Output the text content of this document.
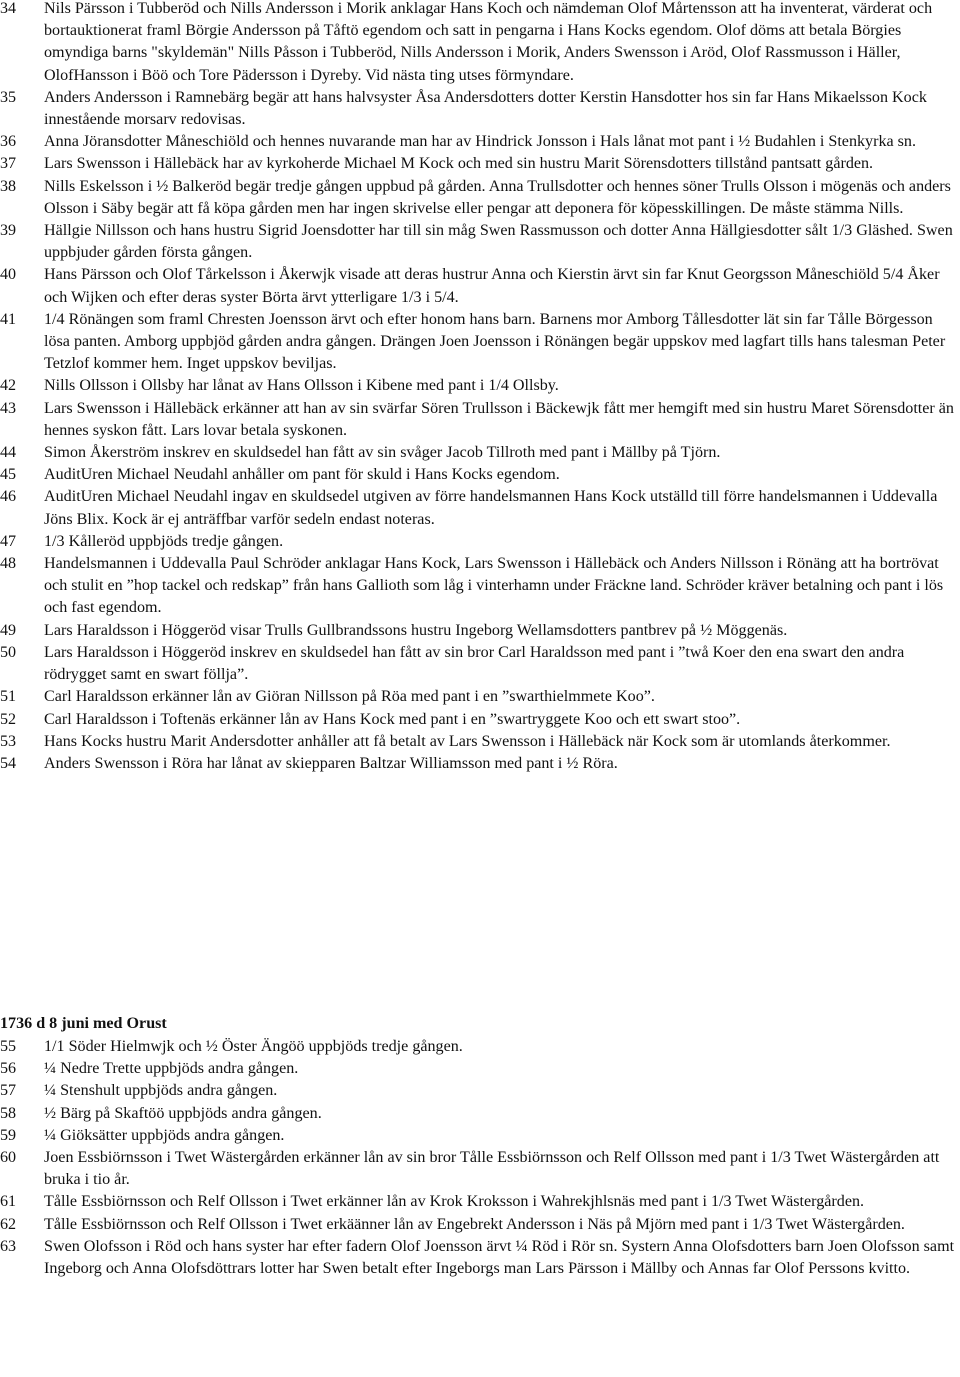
34	Nils Pärsson i Tubberöd och Nills Andersson i Morik anklagar Hans Koch och nämdeman Olof Mårtensson att ha inventerat, värderat och bortauktionerat framl Börgie Andersson på Tåftö egendom och satt in pengarna i Hans Kocks egendom. Olof döms att betala Börgies omyndiga barns "skyldemän" Nills Påsson i Tubberöd, Nills Andersson i Morik, Anders Swensson i Aröd, Olof Rassmusson i Häller, OlofHansson i Böö och Tore Pädersson i Dyreby. Vid nästa ting utses förmyndare.
35	Anders Andersson i Ramnebärg begär att hans halvsyster Åsa Andersdotters dotter Kerstin Hansdotter hos sin far Hans Mikaelsson Kock innestående morsarv redovisas.
36	Anna Jöransdotter Måneschiöld och hennes nuvarande man har av Hindrick Jonsson i Hals lånat mot pant i ½ Budahlen i Stenkyrka sn.
37	Lars Swensson i Hällebäck har av kyrkoherde Michael M Kock och med sin hustru Marit Sörensdotters tillstånd pantsatt gården.
38	Nills Eskelsson i ½ Balkeröd begär tredje gången uppbud på gården. Anna Trullsdotter och hennes söner Trulls Olsson i mögenäs och anders Olsson i Säby begär att få köpa gården men har ingen skrivelse eller pengar att deponera för köpesskillingen. De måste stämma Nills.
39	Hällgie Nillsson och hans hustru Sigrid Joensdotter har till sin måg Swen Rassmusson och dotter Anna Hällgiesdotter sålt 1/3 Gläshed. Swen uppbjuder gården första gången.
40	Hans Pärsson och Olof Tårkelsson i Åkerwjk visade att deras hustrur Anna och Kierstin ärvt sin far Knut Georgsson Måneschiöld 5/4 Åker och Wijken och efter deras syster Börta ärvt ytterligare 1/3 i 5/4.
41	1/4 Rönängen som framl Chresten Joensson ärvt och efter honom hans barn. Barnens mor Amborg Tållesdotter lät sin far Tålle Börgesson lösa panten. Amborg uppbjöd gården andra gången. Drängen Joen Joensson i Rönängen begär uppskov med lagfart tills hans talesman Peter Tetzlof kommer hem. Inget uppskov beviljas.
42	Nills Ollsson i Ollsby har lånat av Hans Ollsson i Kibene med pant i 1/4 Ollsby.
43	Lars Swensson i Hällebäck erkänner att han av sin svärfar Sören Trullsson i Bäckewjk fått mer hemgift med sin hustru Maret Sörensdotter än hennes syskon fått. Lars lovar betala syskonen.
44	Simon Åkerström inskrev en skuldsedel han fått av sin svåger Jacob Tillroth med pant i Mällby på Tjörn.
45	AuditUren Michael Neudahl anhåller om pant för skuld i Hans Kocks egendom.
46	AuditUren Michael Neudahl ingav en skuldsedel utgiven av förre handelsmannen Hans Kock utställd till förre handelsmannen i Uddevalla Jöns Blix. Kock är ej anträffbar varför sedeln endast noteras.
47	1/3 Kålleröd uppbjöds tredje gången.
48	Handelsmannen i Uddevalla Paul Schröder anklagar Hans Kock, Lars Swensson i Hällebäck och Anders Nillsson i Rönäng att ha bortrövat och stulit en ”hop tackel och redskap” från hans Gallioth som låg i vinterhamn under Fräckne land. Schröder kräver betalning och pant i lös och fast egendom.
49	Lars Haraldsson i Höggeröd visar Trulls Gullbrandssons hustru Ingeborg Wellamsdotters pantbrev på ½ Möggenäs.
50	Lars Haraldsson i Höggeröd inskrev en skuldsedel han fått av sin bror Carl Haraldsson med pant i ”twå Koer den ena swart den andra rödrygget samt en swart föllja”.
51	Carl Haraldsson erkänner lån av Giöran Nillsson på Röa med pant i en ”swarthielmmete Koo”.
52	Carl Haraldsson i Toftenäs erkänner lån av Hans Kock med pant i en ”swartryggete Koo och ett swart stoo”.
53	Hans Kocks hustru Marit Andersdotter anhåller att få betalt av Lars Swensson i Hällebäck när Kock som är utomlands återkommer.
54	Anders Swensson i Röra har lånat av skiepparen Baltzar Williamsson med pant i ½ Röra.
1736 d 8 juni med Orust
55	1/1 Söder Hielmwjk och ½ Öster Ängöö uppbjöds tredje gången.
56	¼ Nedre Trette uppbjöds andra gången.
57	¼ Stenshult uppbjöds andra gången.
58	½ Bärg på Skaftöö uppbjöds andra gången.
59	¼ Giöksätter uppbjöds andra gången.
60	Joen Essbiörnsson i Twet Wästergården erkänner lån av sin bror Tålle Essbiörnsson och Relf Ollsson med pant i 1/3 Twet Wästergården att bruka i tio år.
61	Tålle Essbiörnsson och Relf Ollsson i Twet erkänner lån av Krok Kroksson i Wahrekjhlsnäs med pant i 1/3 Twet Wästergården.
62	Tålle Essbiörnsson och Relf Ollsson i Twet erkäänner lån av Engebrekt Andersson i Näs på Mjörn med pant i 1/3 Twet Wästergården.
63	Swen Olofsson i Röd och hans syster har efter fadern Olof Joensson ärvt ¼ Röd i Rör sn. Systern Anna Olofsdotters barn Joen Olofsson samt Ingeborg och Anna Olofsdöttrars lotter har Swen betalt efter Ingeborgs man Lars Pärsson i Mällby och Annas far Olof Perssons kvitto.
